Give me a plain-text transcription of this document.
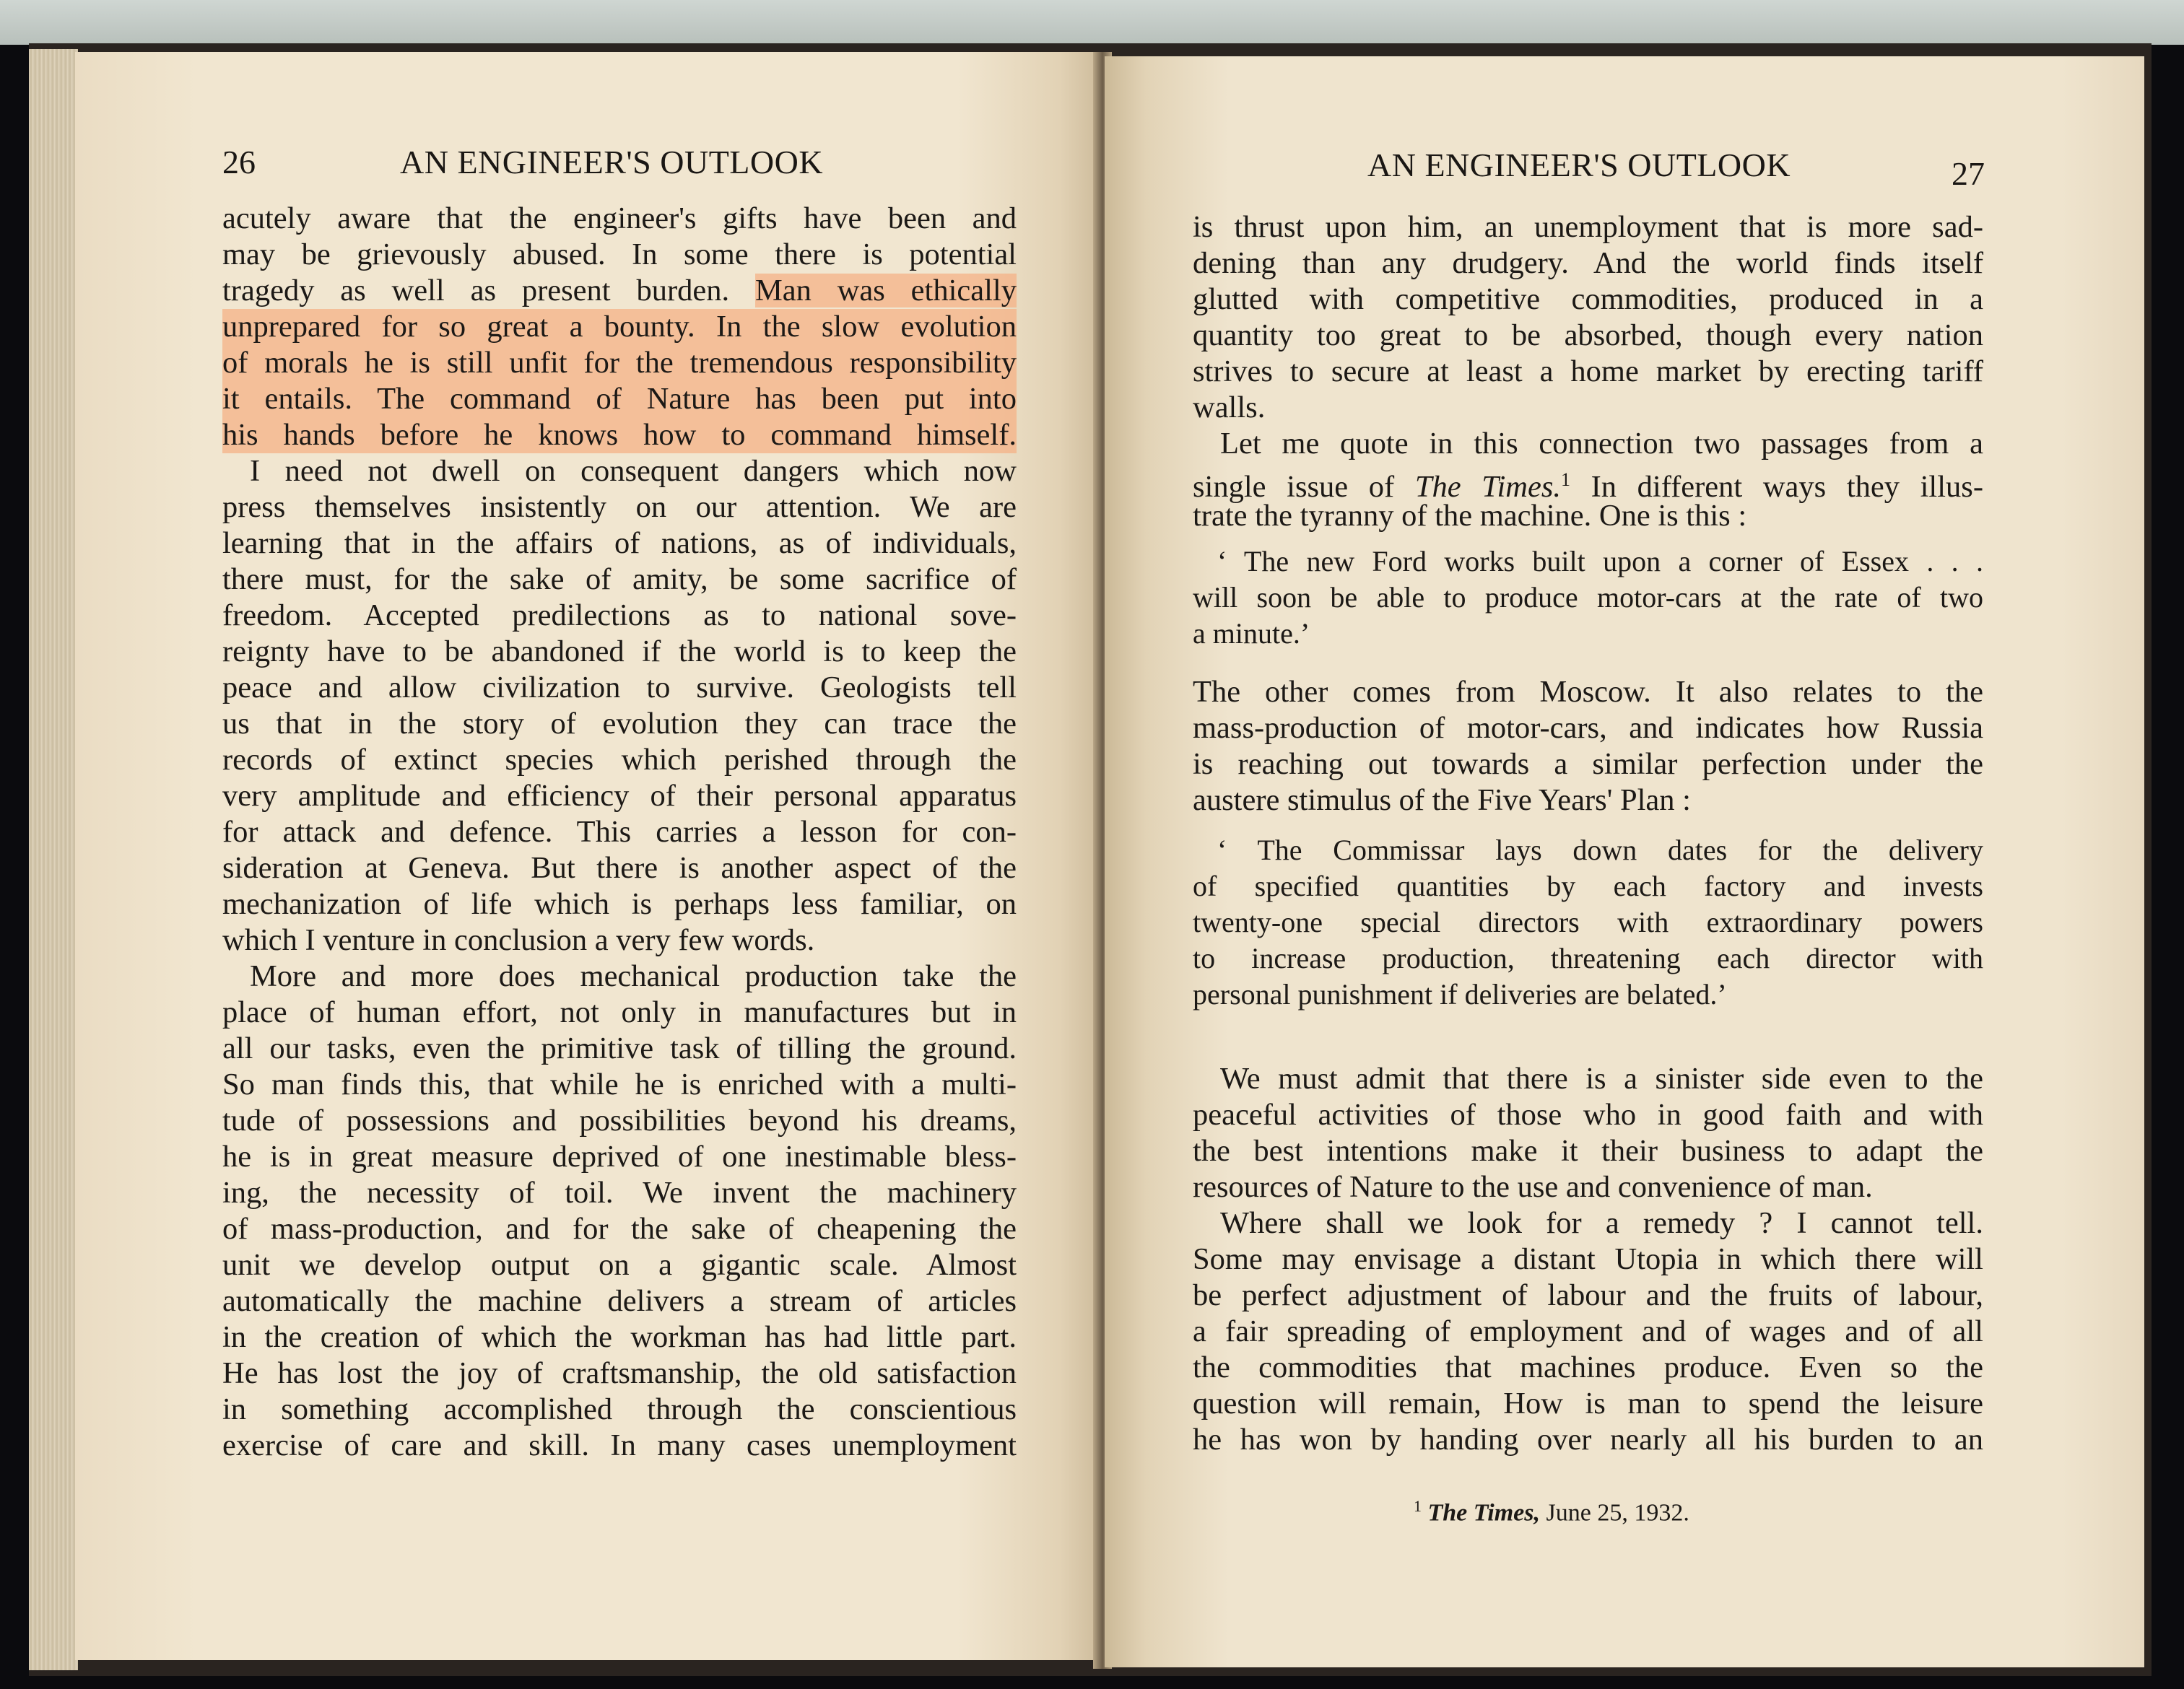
26	AN ENGINEER'S OUTLOOK
acutely aware that the engineer's gifts have been and
may be grievously abused. In some there is potential
tragedy as well as present burden. Man was ethically
unprepared for so great a bounty. In the slow evolution
of morals he is still unfit for the tremendous responsibility
it entails. The command of Nature has been put into
his hands before he knows how to command himself.
I need not dwell on consequent dangers which now
press themselves insistently on our attention. We are
learning that in the affairs of nations, as of individuals,
there must, for the sake of amity, be some sacrifice of
freedom. Accepted predilections as to national sove-
reignty have to be abandoned if the world is to keep the
peace and allow civilization to survive. Geologists tell
us that in the story of evolution they can trace the
records of extinct species which perished through the
very amplitude and efficiency of their personal apparatus
for attack and defence. This carries a lesson for con-
sideration at Geneva. But there is another aspect of the
mechanization of life which is perhaps less familiar, on
which I venture in conclusion a very few words.
More and more does mechanical production take the
place of human effort, not only in manufactures but in
all our tasks, even the primitive task of tilling the ground.
So man finds this, that while he is enriched with a multi-
tude of possessions and possibilities beyond his dreams,
he is in great measure deprived of one inestimable bless-
ing, the necessity of toil. We invent the machinery
of mass-production, and for the sake of cheapening the
unit we develop output on a gigantic scale. Almost
automatically the machine delivers a stream of articles
in the creation of which the workman has had little part.
He has lost the joy of craftsmanship, the old satisfaction
in something accomplished through the conscientious
exercise of care and skill. In many cases unemployment
AN ENGINEER'S OUTLOOK	27
is thrust upon him, an unemployment that is more sad-
dening than any drudgery. And the world finds itself
glutted with competitive commodities, produced in a
quantity too great to be absorbed, though every nation
strives to secure at least a home market by erecting tariff
walls.
Let me quote in this connection two passages from a
single issue of The Times.$^1$ In different ways they illus-
trate the tyranny of the machine. One is this :
‘ The new Ford works built upon a corner of Essex . . .
will soon be able to produce motor-cars at the rate of two
a minute.’
The other comes from Moscow. It also relates to the
mass-production of motor-cars, and indicates how Russia
is reaching out towards a similar perfection under the
austere stimulus of the Five Years' Plan :
‘ The Commissar lays down dates for the delivery
of specified quantities by each factory and invests
twenty-one special directors with extraordinary powers
to increase production, threatening each director with
personal punishment if deliveries are belated.’
We must admit that there is a sinister side even to the
peaceful activities of those who in good faith and with
the best intentions make it their business to adapt the
resources of Nature to the use and convenience of man.
Where shall we look for a remedy ? I cannot tell.
Some may envisage a distant Utopia in which there will
be perfect adjustment of labour and the fruits of labour,
a fair spreading of employment and of wages and of all
the commodities that machines produce. Even so the
question will remain, How is man to spend the leisure
he has won by handing over nearly all his burden to an
$^1$ The Times, June 25, 1932.
